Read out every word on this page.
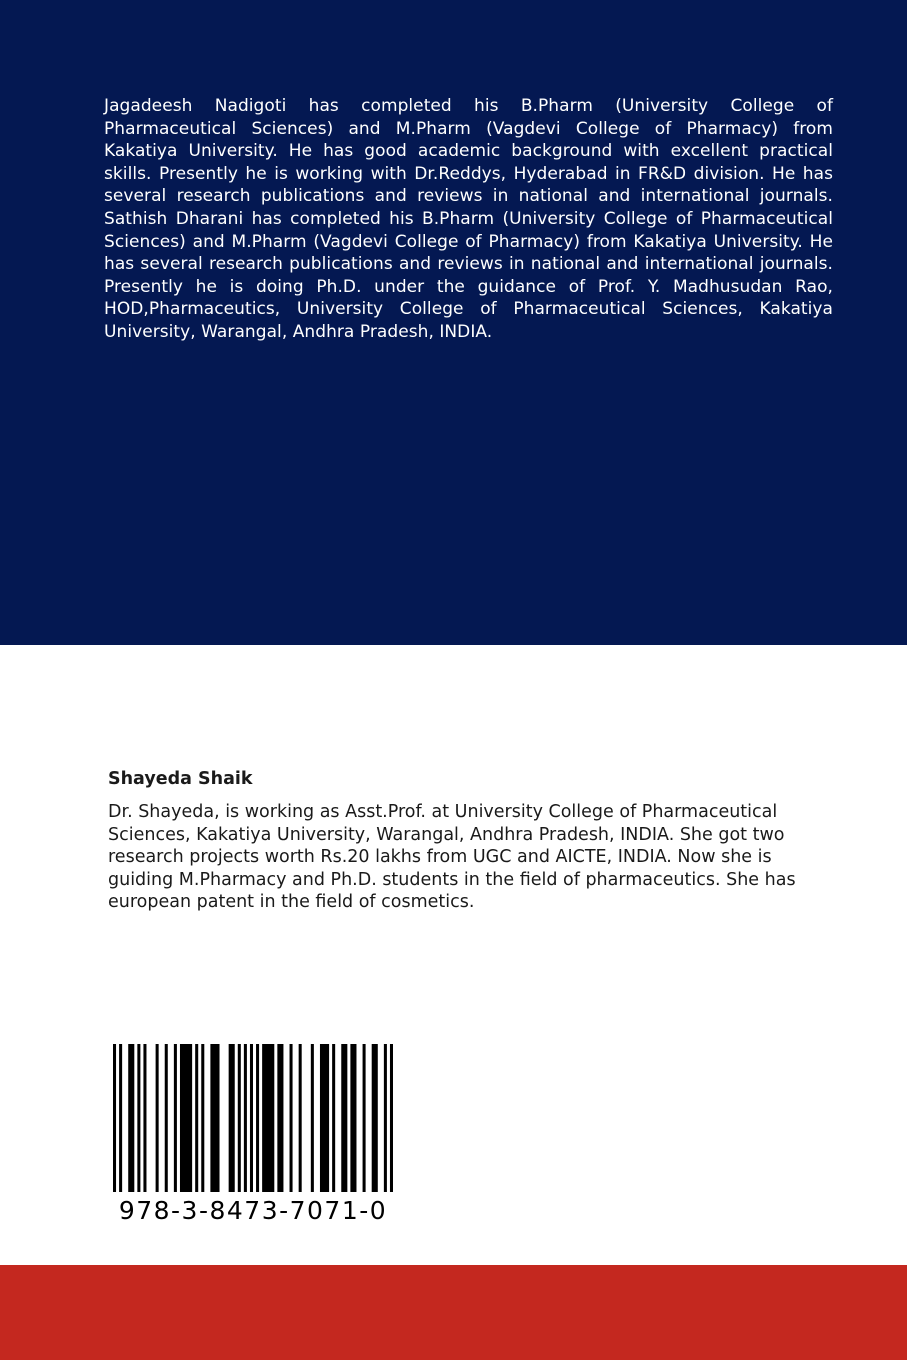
Jagadeesh Nadigoti has completed his B.Pharm (University College of Pharmaceutical Sciences) and M.Pharm (Vagdevi College of Pharmacy) from Kakatiya University. He has good academic background with excellent practical skills. Presently he is working with Dr.Reddys, Hyderabad in FR&D division. He has several research publications and reviews in national and international journals. Sathish Dharani has completed his B.Pharm (University College of Pharmaceutical Sciences) and M.Pharm (Vagdevi College of Pharmacy) from Kakatiya University. He has several research publications and reviews in national and international journals. Presently he is doing Ph.D. under the guidance of Prof. Y. Madhusudan Rao, HOD,Pharmaceutics, University College of Pharmaceutical Sciences, Kakatiya University, Warangal, Andhra Pradesh, INDIA.

Shayeda Shaik

Dr. Shayeda, is working as Asst.Prof. at University College of Pharmaceutical Sciences, Kakatiya University, Warangal, Andhra Pradesh, INDIA. She got two research projects worth Rs.20 lakhs from UGC and AICTE, INDIA. Now she is guiding M.Pharmacy and Ph.D. students in the field of pharmaceutics. She has european patent in the field of cosmetics.

978-3-8473-7071-0
